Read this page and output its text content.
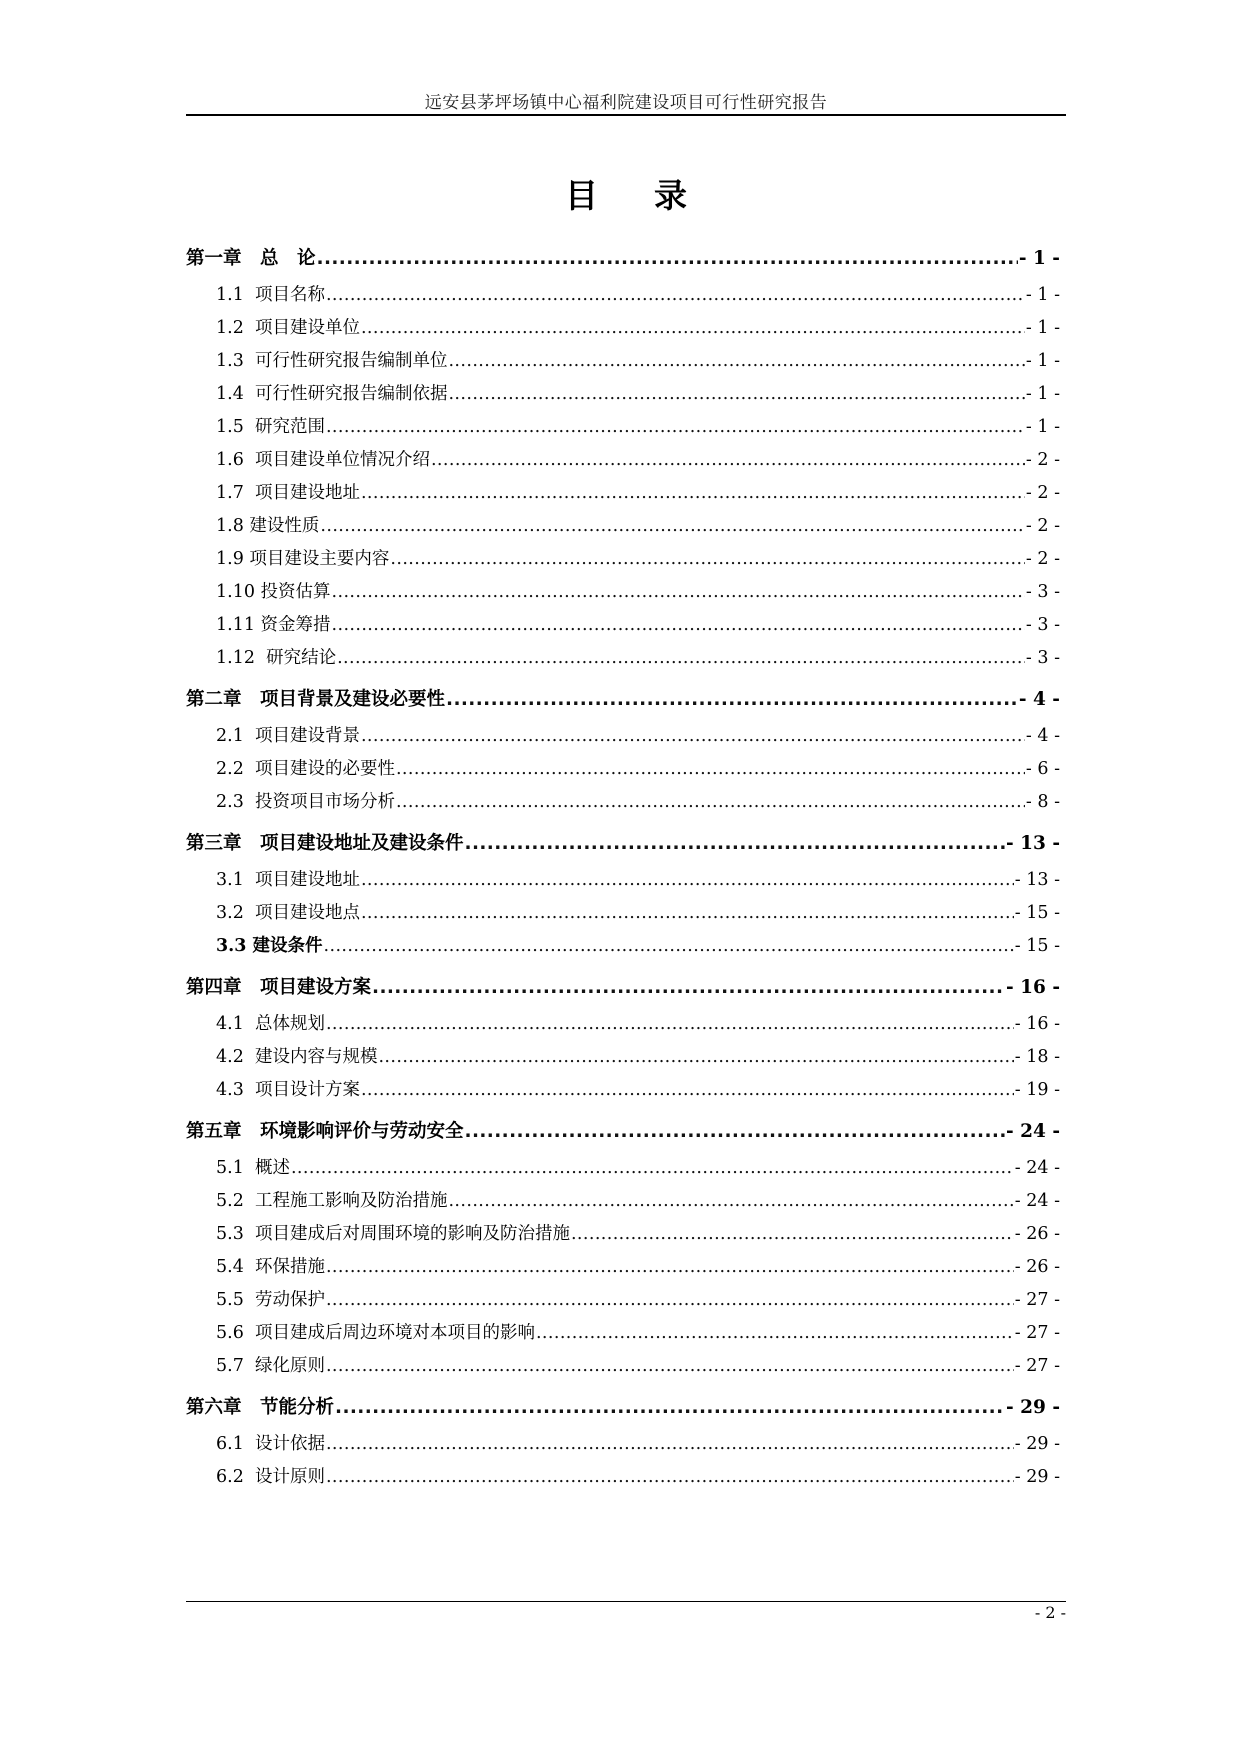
远安县茅坪场镇中心福利院建设项目可行性研究报告
目录
第一章　总　论 .....	- 1 -
1.1  项目名称 .....	- 1 -
1.2  项目建设单位 .....	- 1 -
1.3  可行性研究报告编制单位 .....	- 1 -
1.4  可行性研究报告编制依据 .....	- 1 -
1.5  研究范围 .....	- 1 -
1.6  项目建设单位情况介绍 .....	- 2 -
1.7  项目建设地址 .....	- 2 -
1.8 建设性质 .....	- 2 -
1.9 项目建设主要内容 .....	- 2 -
1.10 投资估算 .....	- 3 -
1.11 资金筹措 .....	- 3 -
1.12  研究结论 .....	- 3 -
第二章　项目背景及建设必要性 .....	- 4 -
2.1  项目建设背景 .....	- 4 -
2.2  项目建设的必要性 .....	- 6 -
2.3  投资项目市场分析 .....	- 8 -
第三章　项目建设地址及建设条件 .....	- 13 -
3.1  项目建设地址 .....	- 13 -
3.2  项目建设地点 .....	- 15 -
3.3 建设条件 .....	- 15 -
第四章　项目建设方案 .....	- 16 -
4.1  总体规划 .....	- 16 -
4.2  建设内容与规模 .....	- 18 -
4.3  项目设计方案 .....	- 19 -
第五章　环境影响评价与劳动安全 .....	- 24 -
5.1  概述 .....	- 24 -
5.2  工程施工影响及防治措施 .....	- 24 -
5.3  项目建成后对周围环境的影响及防治措施 .....	- 26 -
5.4  环保措施 .....	- 26 -
5.5  劳动保护 .....	- 27 -
5.6  项目建成后周边环境对本项目的影响 .....	- 27 -
5.7  绿化原则 .....	- 27 -
第六章　节能分析 .....	- 29 -
6.1  设计依据 .....	- 29 -
6.2  设计原则 .....	- 29 -
- 2 -
